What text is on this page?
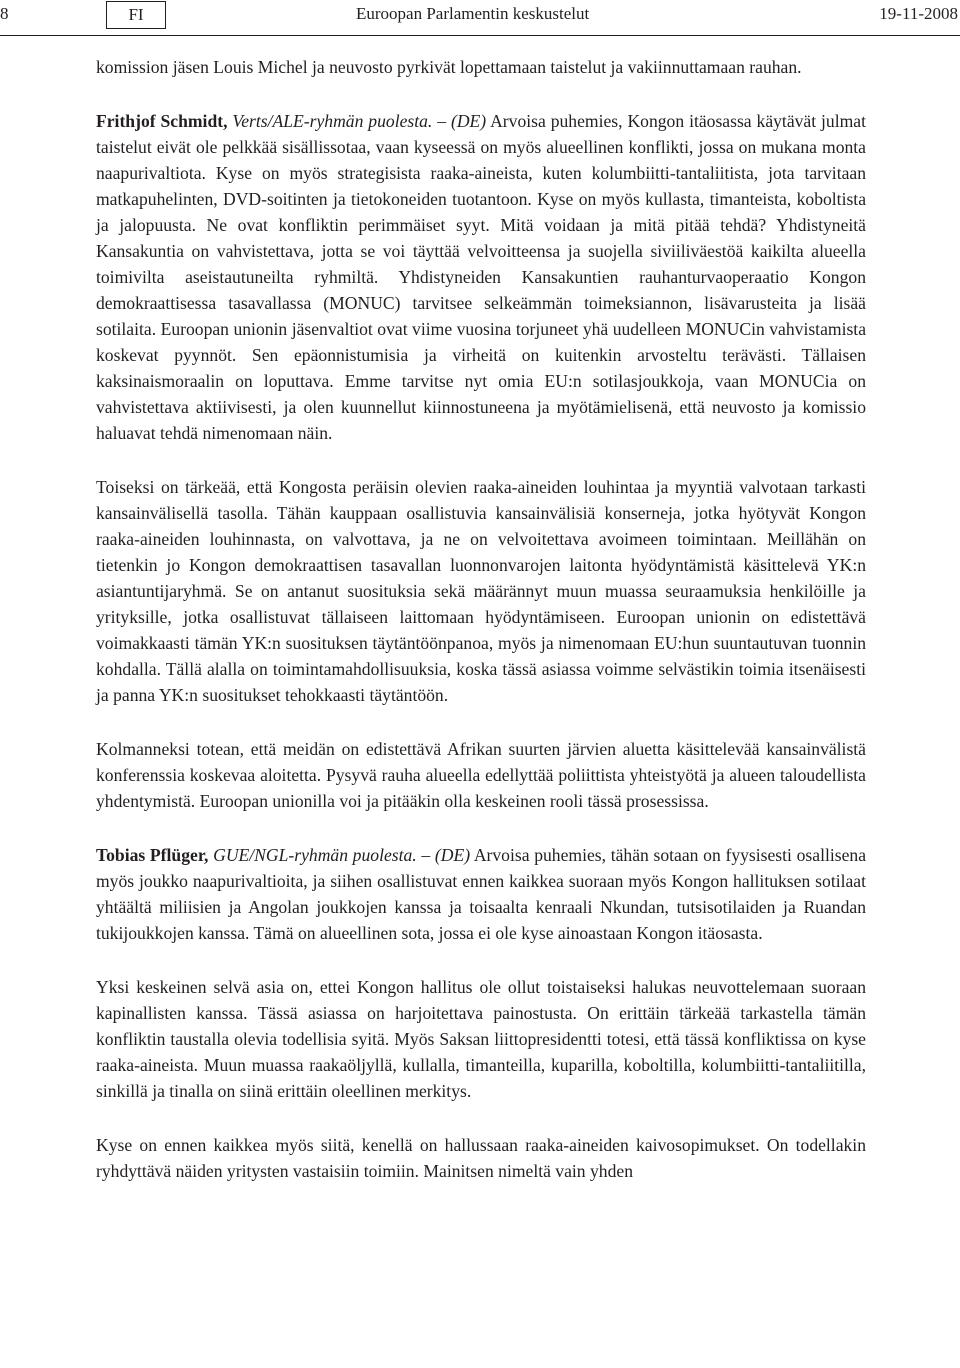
8	FI	Euroopan Parlamentin keskustelut	19-11-2008

komission jäsen Louis Michel ja neuvosto pyrkivät lopettamaan taistelut ja vakiinnuttamaan rauhan.

Frithjof Schmidt, Verts/ALE-ryhmän puolesta. – (DE) Arvoisa puhemies, Kongon itäosassa käytävät julmat taistelut eivät ole pelkkää sisällissotaa, vaan kyseessä on myös alueellinen konflikti, jossa on mukana monta naapurivaltiota. Kyse on myös strategisista raaka-aineista, kuten kolumbiitti-tantaliitista, jota tarvitaan matkapuhelinten, DVD-soitinten ja tietokoneiden tuotantoon. Kyse on myös kullasta, timanteista, koboltista ja jalopuusta. Ne ovat konfliktin perimmäiset syyt. Mitä voidaan ja mitä pitää tehdä? Yhdistyneitä Kansakuntia on vahvistettava, jotta se voi täyttää velvoitteensa ja suojella siviiliväestöä kaikilta alueella toimivilta aseistautuneilta ryhmiltä. Yhdistyneiden Kansakuntien rauhanturvaoperaatio Kongon demokraattisessa tasavallassa (MONUC) tarvitsee selkeämmän toimeksiannon, lisävarusteita ja lisää sotilaita. Euroopan unionin jäsenvaltiot ovat viime vuosina torjuneet yhä uudelleen MONUCin vahvistamista koskevat pyynnöt. Sen epäonnistumisia ja virheitä on kuitenkin arvosteltu terävästi. Tällaisen kaksinaismoraalin on loputtava. Emme tarvitse nyt omia EU:n sotilasjoukkoja, vaan MONUCia on vahvistettava aktiivisesti, ja olen kuunnellut kiinnostuneena ja myötämielisenä, että neuvosto ja komissio haluavat tehdä nimenomaan näin.

Toiseksi on tärkeää, että Kongosta peräisin olevien raaka-aineiden louhintaa ja myyntiä valvotaan tarkasti kansainvälisellä tasolla. Tähän kauppaan osallistuvia kansainvälisiä konserneja, jotka hyötyvät Kongon raaka-aineiden louhinnasta, on valvottava, ja ne on velvoitettava avoimeen toimintaan. Meillähän on tietenkin jo Kongon demokraattisen tasavallan luonnonvarojen laitonta hyödyntämistä käsittelevä YK:n asiantuntijaryhmä. Se on antanut suosituksia sekä määrännyt muun muassa seuraamuksia henkilöille ja yrityksille, jotka osallistuvat tällaiseen laittomaan hyödyntämiseen. Euroopan unionin on edistettävä voimakkaasti tämän YK:n suosituksen täytäntöönpanoa, myös ja nimenomaan EU:hun suuntautuvan tuonnin kohdalla. Tällä alalla on toimintamahdollisuuksia, koska tässä asiassa voimme selvästikin toimia itsenäisesti ja panna YK:n suositukset tehokkaasti täytäntöön.

Kolmanneksi totean, että meidän on edistettävä Afrikan suurten järvien aluetta käsittelevää kansainvälistä konferenssia koskevaa aloitetta. Pysyvä rauha alueella edellyttää poliittista yhteistyötä ja alueen taloudellista yhdentymistä. Euroopan unionilla voi ja pitääkin olla keskeinen rooli tässä prosessissa.

Tobias Pflüger, GUE/NGL-ryhmän puolesta. – (DE) Arvoisa puhemies, tähän sotaan on fyysisesti osallisena myös joukko naapurivaltioita, ja siihen osallistuvat ennen kaikkea suoraan myös Kongon hallituksen sotilaat yhtäältä miliisien ja Angolan joukkojen kanssa ja toisaalta kenraali Nkundan, tutsisotilaiden ja Ruandan tukijoukkojen kanssa. Tämä on alueellinen sota, jossa ei ole kyse ainoastaan Kongon itäosasta.

Yksi keskeinen selvä asia on, ettei Kongon hallitus ole ollut toistaiseksi halukas neuvottelemaan suoraan kapinallisten kanssa. Tässä asiassa on harjoitettava painostusta. On erittäin tärkeää tarkastella tämän konfliktin taustalla olevia todellisia syitä. Myös Saksan liittopresidentti totesi, että tässä konfliktissa on kyse raaka-aineista. Muun muassa raakaöljyllä, kullalla, timanteilla, kuparilla, koboltilla, kolumbiitti-tantaliitilla, sinkillä ja tinalla on siinä erittäin oleellinen merkitys.

Kyse on ennen kaikkea myös siitä, kenellä on hallussaan raaka-aineiden kaivosopimukset. On todellakin ryhdyttävä näiden yritysten vastaisiin toimiin. Mainitsen nimeltä vain yhden
